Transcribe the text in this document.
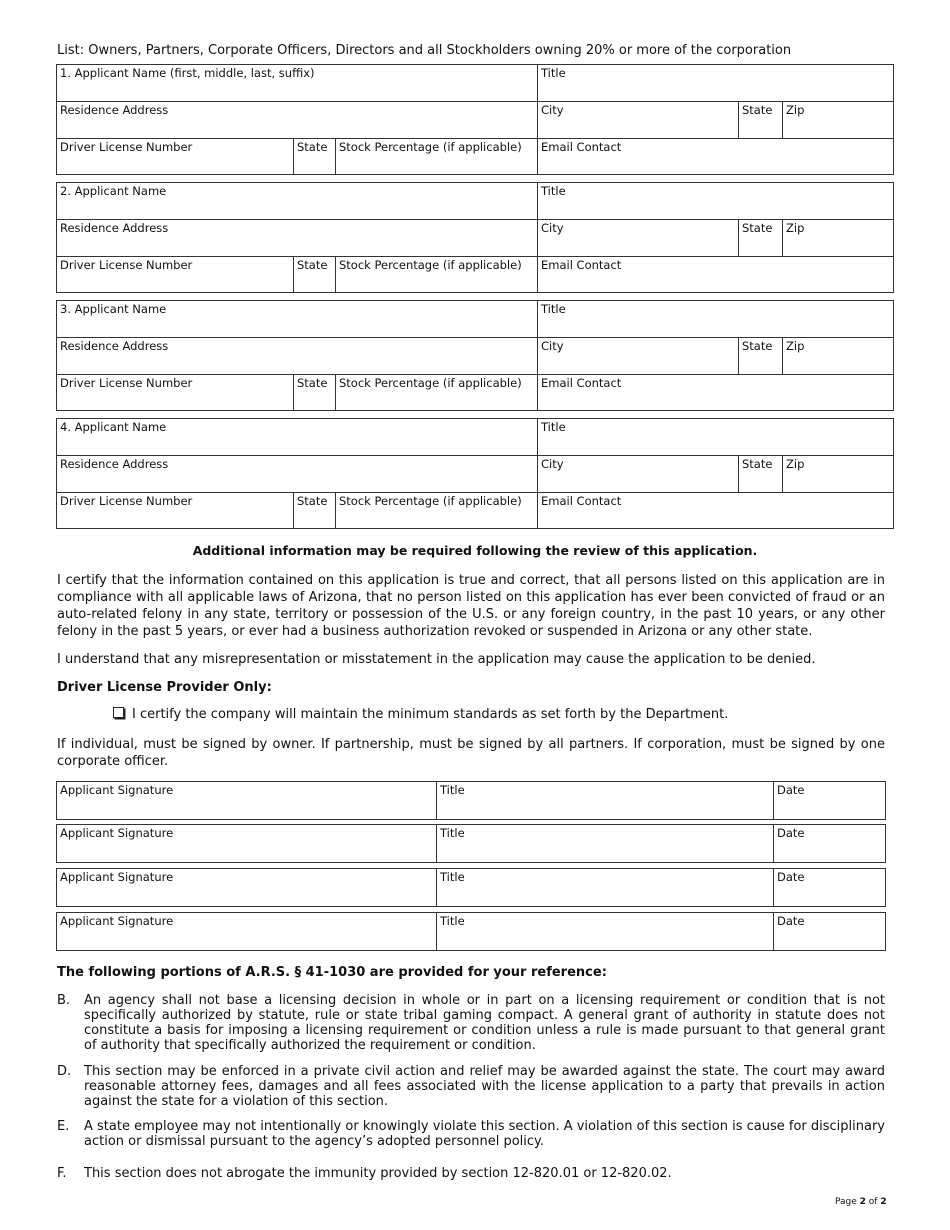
List: Owners, Partners, Corporate Officers, Directors and all Stockholders owning 20% or more of the corporation
1. Applicant Name (first, middle, last, suffix)	Title
Residence Address	City	State	Zip
Driver License Number	State	Stock Percentage (if applicable)	Email Contact
2. Applicant Name	Title
Residence Address	City	State	Zip
Driver License Number	State	Stock Percentage (if applicable)	Email Contact
3. Applicant Name	Title
Residence Address	City	State	Zip
Driver License Number	State	Stock Percentage (if applicable)	Email Contact
4. Applicant Name	Title
Residence Address	City	State	Zip
Driver License Number	State	Stock Percentage (if applicable)	Email Contact
Additional information may be required following the review of this application.
I certify that the information contained on this application is true and correct, that all persons listed on this application are in compliance with all applicable laws of Arizona, that no person listed on this application has ever been convicted of fraud or an auto-related felony in any state, territory or possession of the U.S. or any foreign country, in the past 10 years, or any other felony in the past 5 years, or ever had a business authorization revoked or suspended in Arizona or any other state.
I understand that any misrepresentation or misstatement in the application may cause the application to be denied.
Driver License Provider Only:
I certify the company will maintain the minimum standards as set forth by the Department.
If individual, must be signed by owner. If partnership, must be signed by all partners. If corporation, must be signed by one corporate officer.
Applicant Signature	Title	Date
Applicant Signature	Title	Date
Applicant Signature	Title	Date
Applicant Signature	Title	Date
The following portions of A.R.S. § 41-1030 are provided for your reference:
B. An agency shall not base a licensing decision in whole or in part on a licensing requirement or condition that is not specifically authorized by statute, rule or state tribal gaming compact. A general grant of authority in statute does not constitute a basis for imposing a licensing requirement or condition unless a rule is made pursuant to that general grant of authority that specifically authorized the requirement or condition.
D. This section may be enforced in a private civil action and relief may be awarded against the state. The court may award reasonable attorney fees, damages and all fees associated with the license application to a party that prevails in action against the state for a violation of this section.
E. A state employee may not intentionally or knowingly violate this section. A violation of this section is cause for disciplinary action or dismissal pursuant to the agency’s adopted personnel policy.
F. This section does not abrogate the immunity provided by section 12-820.01 or 12-820.02.
Page 2 of 2
